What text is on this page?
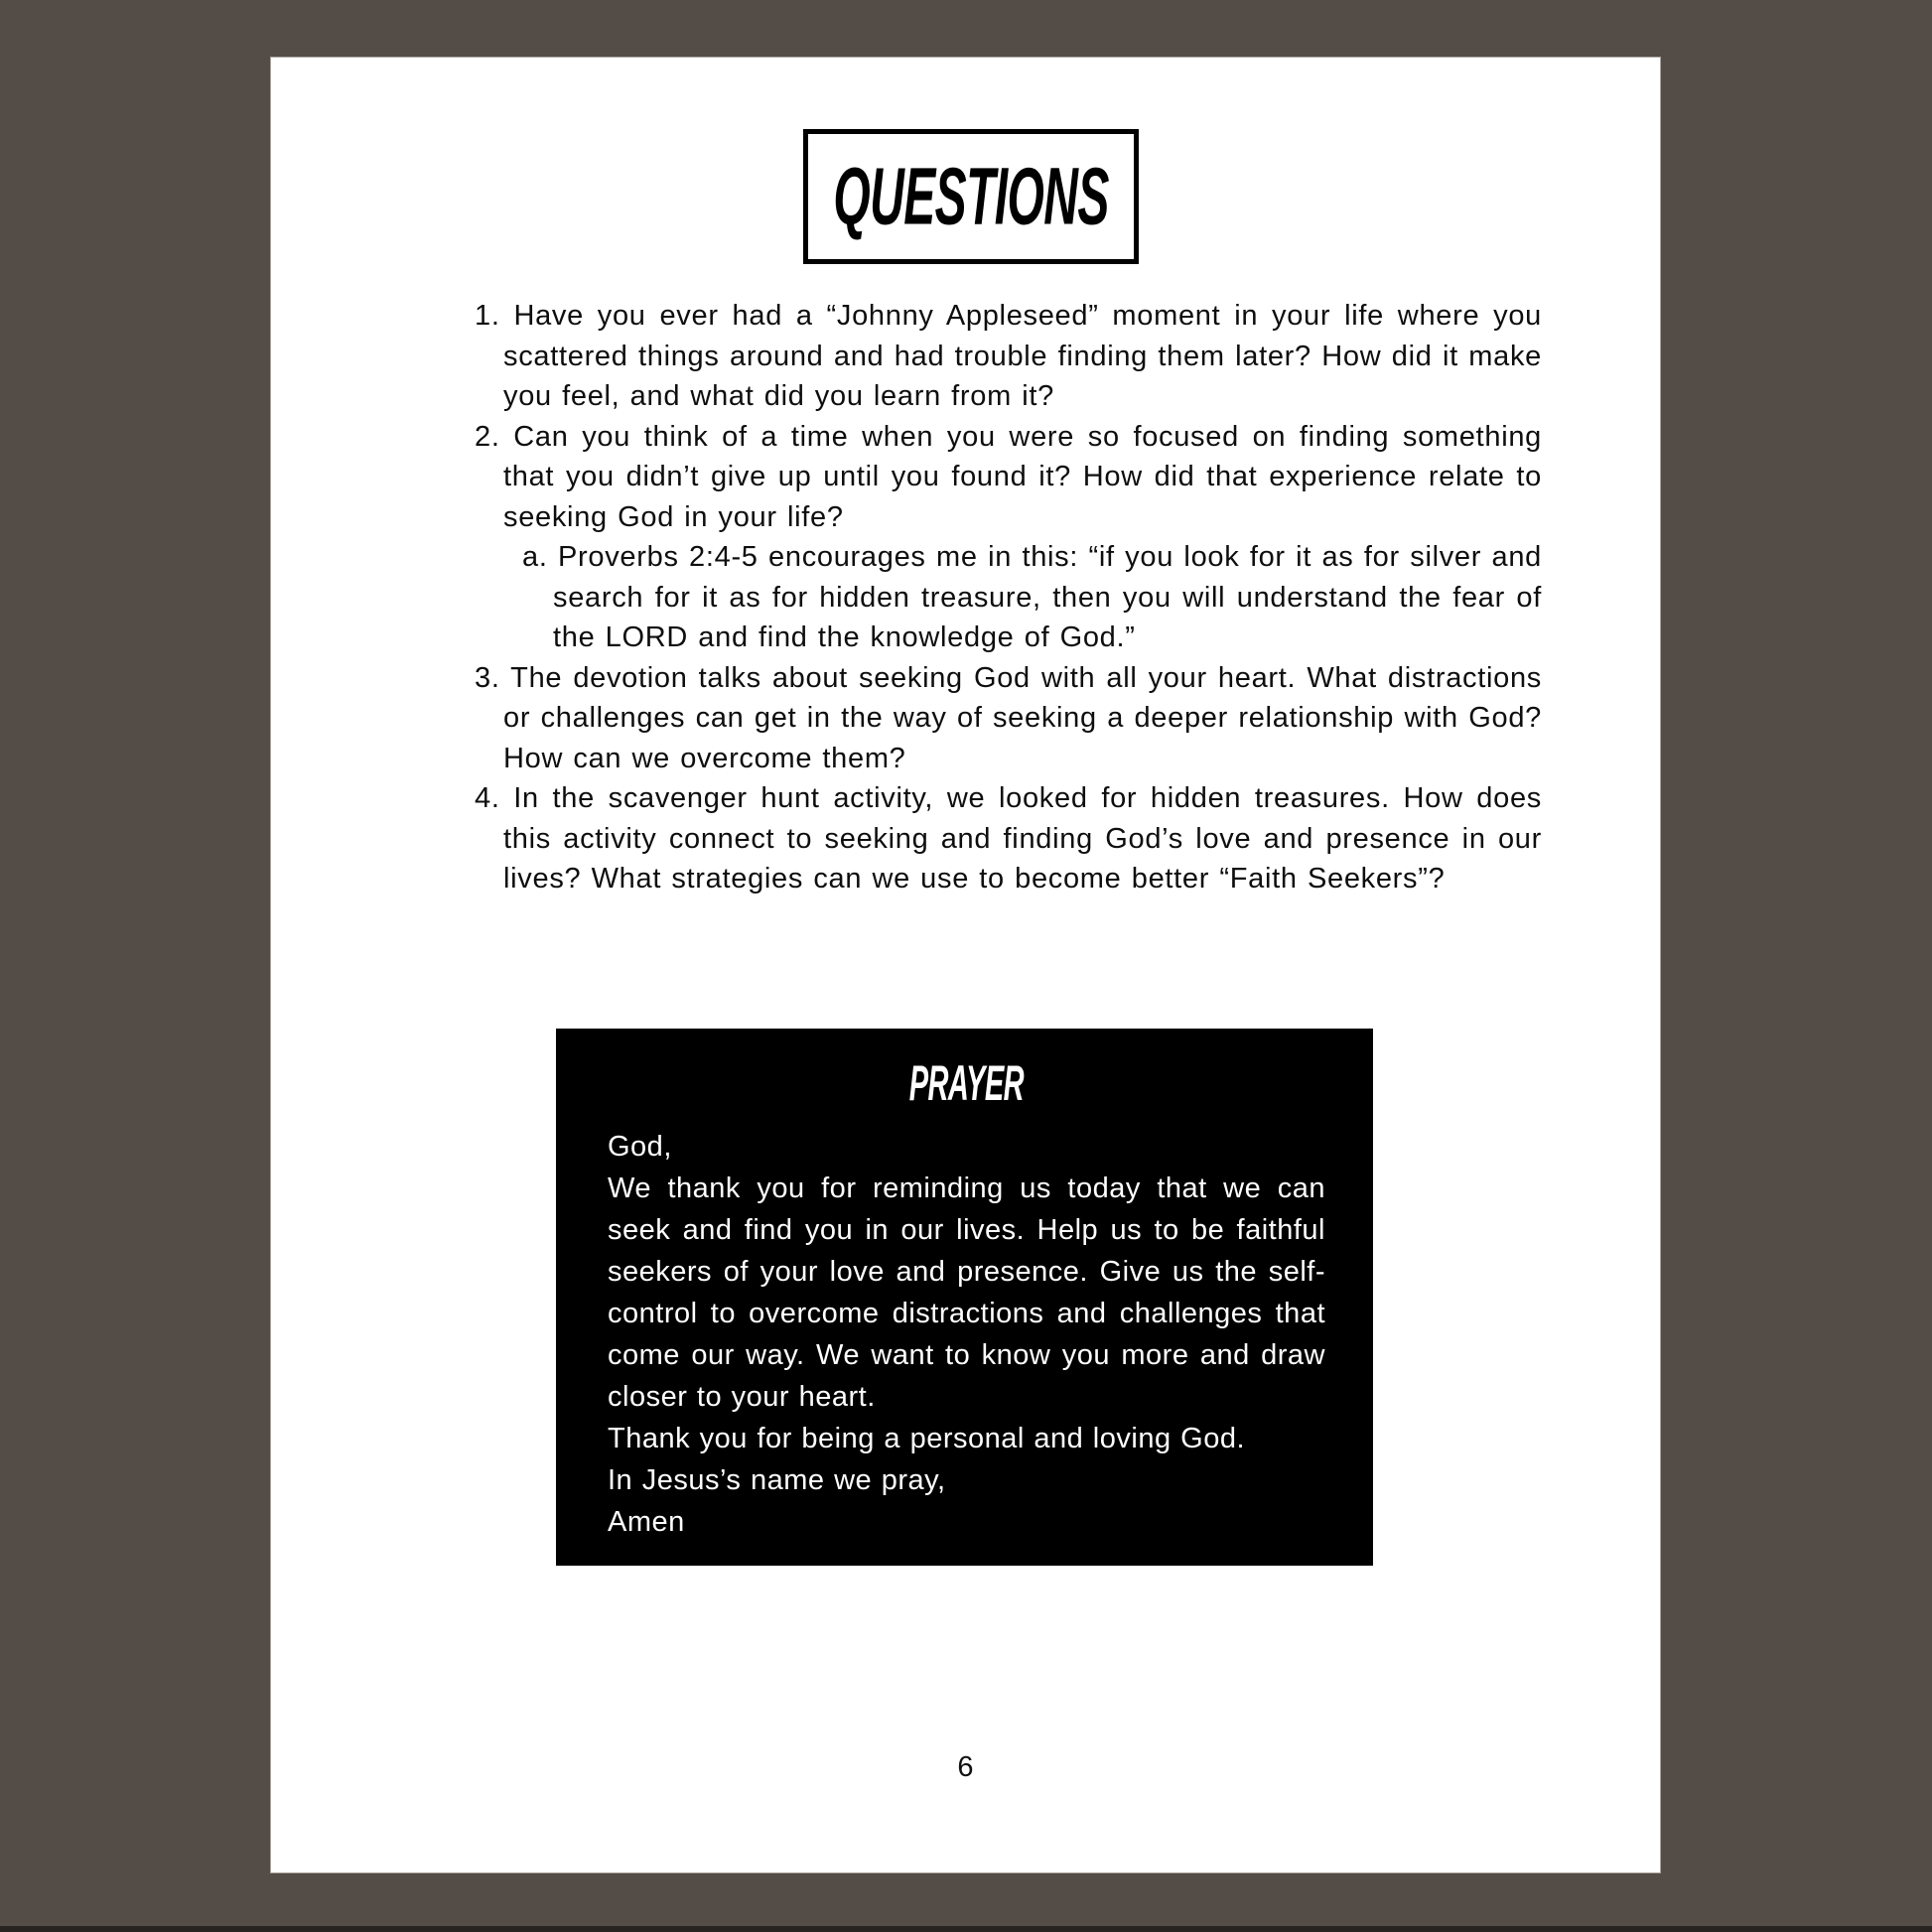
QUESTIONS
1. Have you ever had a “Johnny Appleseed” moment in your life where you scattered things around and had trouble finding them later? How did it make you feel, and what did you learn from it?
2. Can you think of a time when you were so focused on finding something that you didn’t give up until you found it? How did that experience relate to seeking God in your life?
a. Proverbs 2:4-5 encourages me in this: “if you look for it as for silver and search for it as for hidden treasure, then you will understand the fear of the LORD and find the knowledge of God.”
3. The devotion talks about seeking God with all your heart. What distractions or challenges can get in the way of seeking a deeper relationship with God? How can we overcome them?
4. In the scavenger hunt activity, we looked for hidden treasures. How does this activity connect to seeking and finding God’s love and presence in our lives? What strategies can we use to become better “Faith Seekers”?
PRAYER

God,

We thank you for reminding us today that we can seek and find you in our lives. Help us to be faithful seekers of your love and presence. Give us the self-control to overcome distractions and challenges that come our way. We want to know you more and draw closer to your heart.

Thank you for being a personal and loving God.

In Jesus’s name we pray,

Amen

6
